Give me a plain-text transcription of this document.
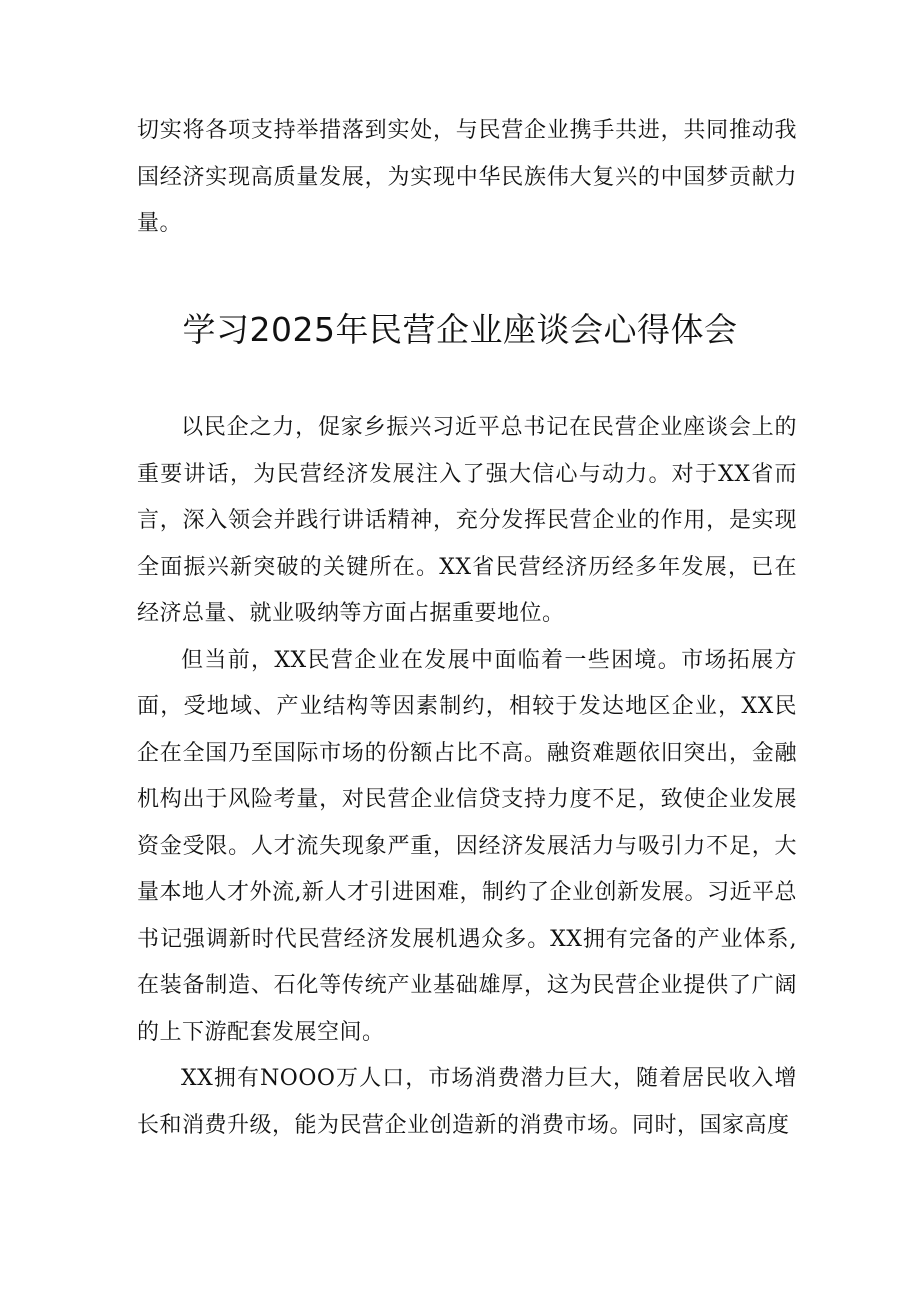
切实将各项支持举措落到实处，与民营企业携手共进，共同推动我国经济实现高质量发展，为实现中华民族伟大复兴的中国梦贡献力量。

学习2025年民营企业座谈会心得体会

以民企之力，促家乡振兴习近平总书记在民营企业座谈会上的重要讲话，为民营经济发展注入了强大信心与动力。对于XX省而言，深入领会并践行讲话精神，充分发挥民营企业的作用，是实现全面振兴新突破的关键所在。XX省民营经济历经多年发展，已在经济总量、就业吸纳等方面占据重要地位。

但当前，XX民营企业在发展中面临着一些困境。市场拓展方面，受地域、产业结构等因素制约，相较于发达地区企业，XX民企在全国乃至国际市场的份额占比不高。融资难题依旧突出，金融机构出于风险考量，对民营企业信贷支持力度不足，致使企业发展资金受限。人才流失现象严重，因经济发展活力与吸引力不足，大量本地人才外流,新人才引进困难，制约了企业创新发展。习近平总书记强调新时代民营经济发展机遇众多。XX拥有完备的产业体系,在装备制造、石化等传统产业基础雄厚，这为民营企业提供了广阔的上下游配套发展空间。

XX拥有NOOO万人口，市场消费潜力巨大，随着居民收入增长和消费升级，能为民营企业创造新的消费市场。同时，国家高度
